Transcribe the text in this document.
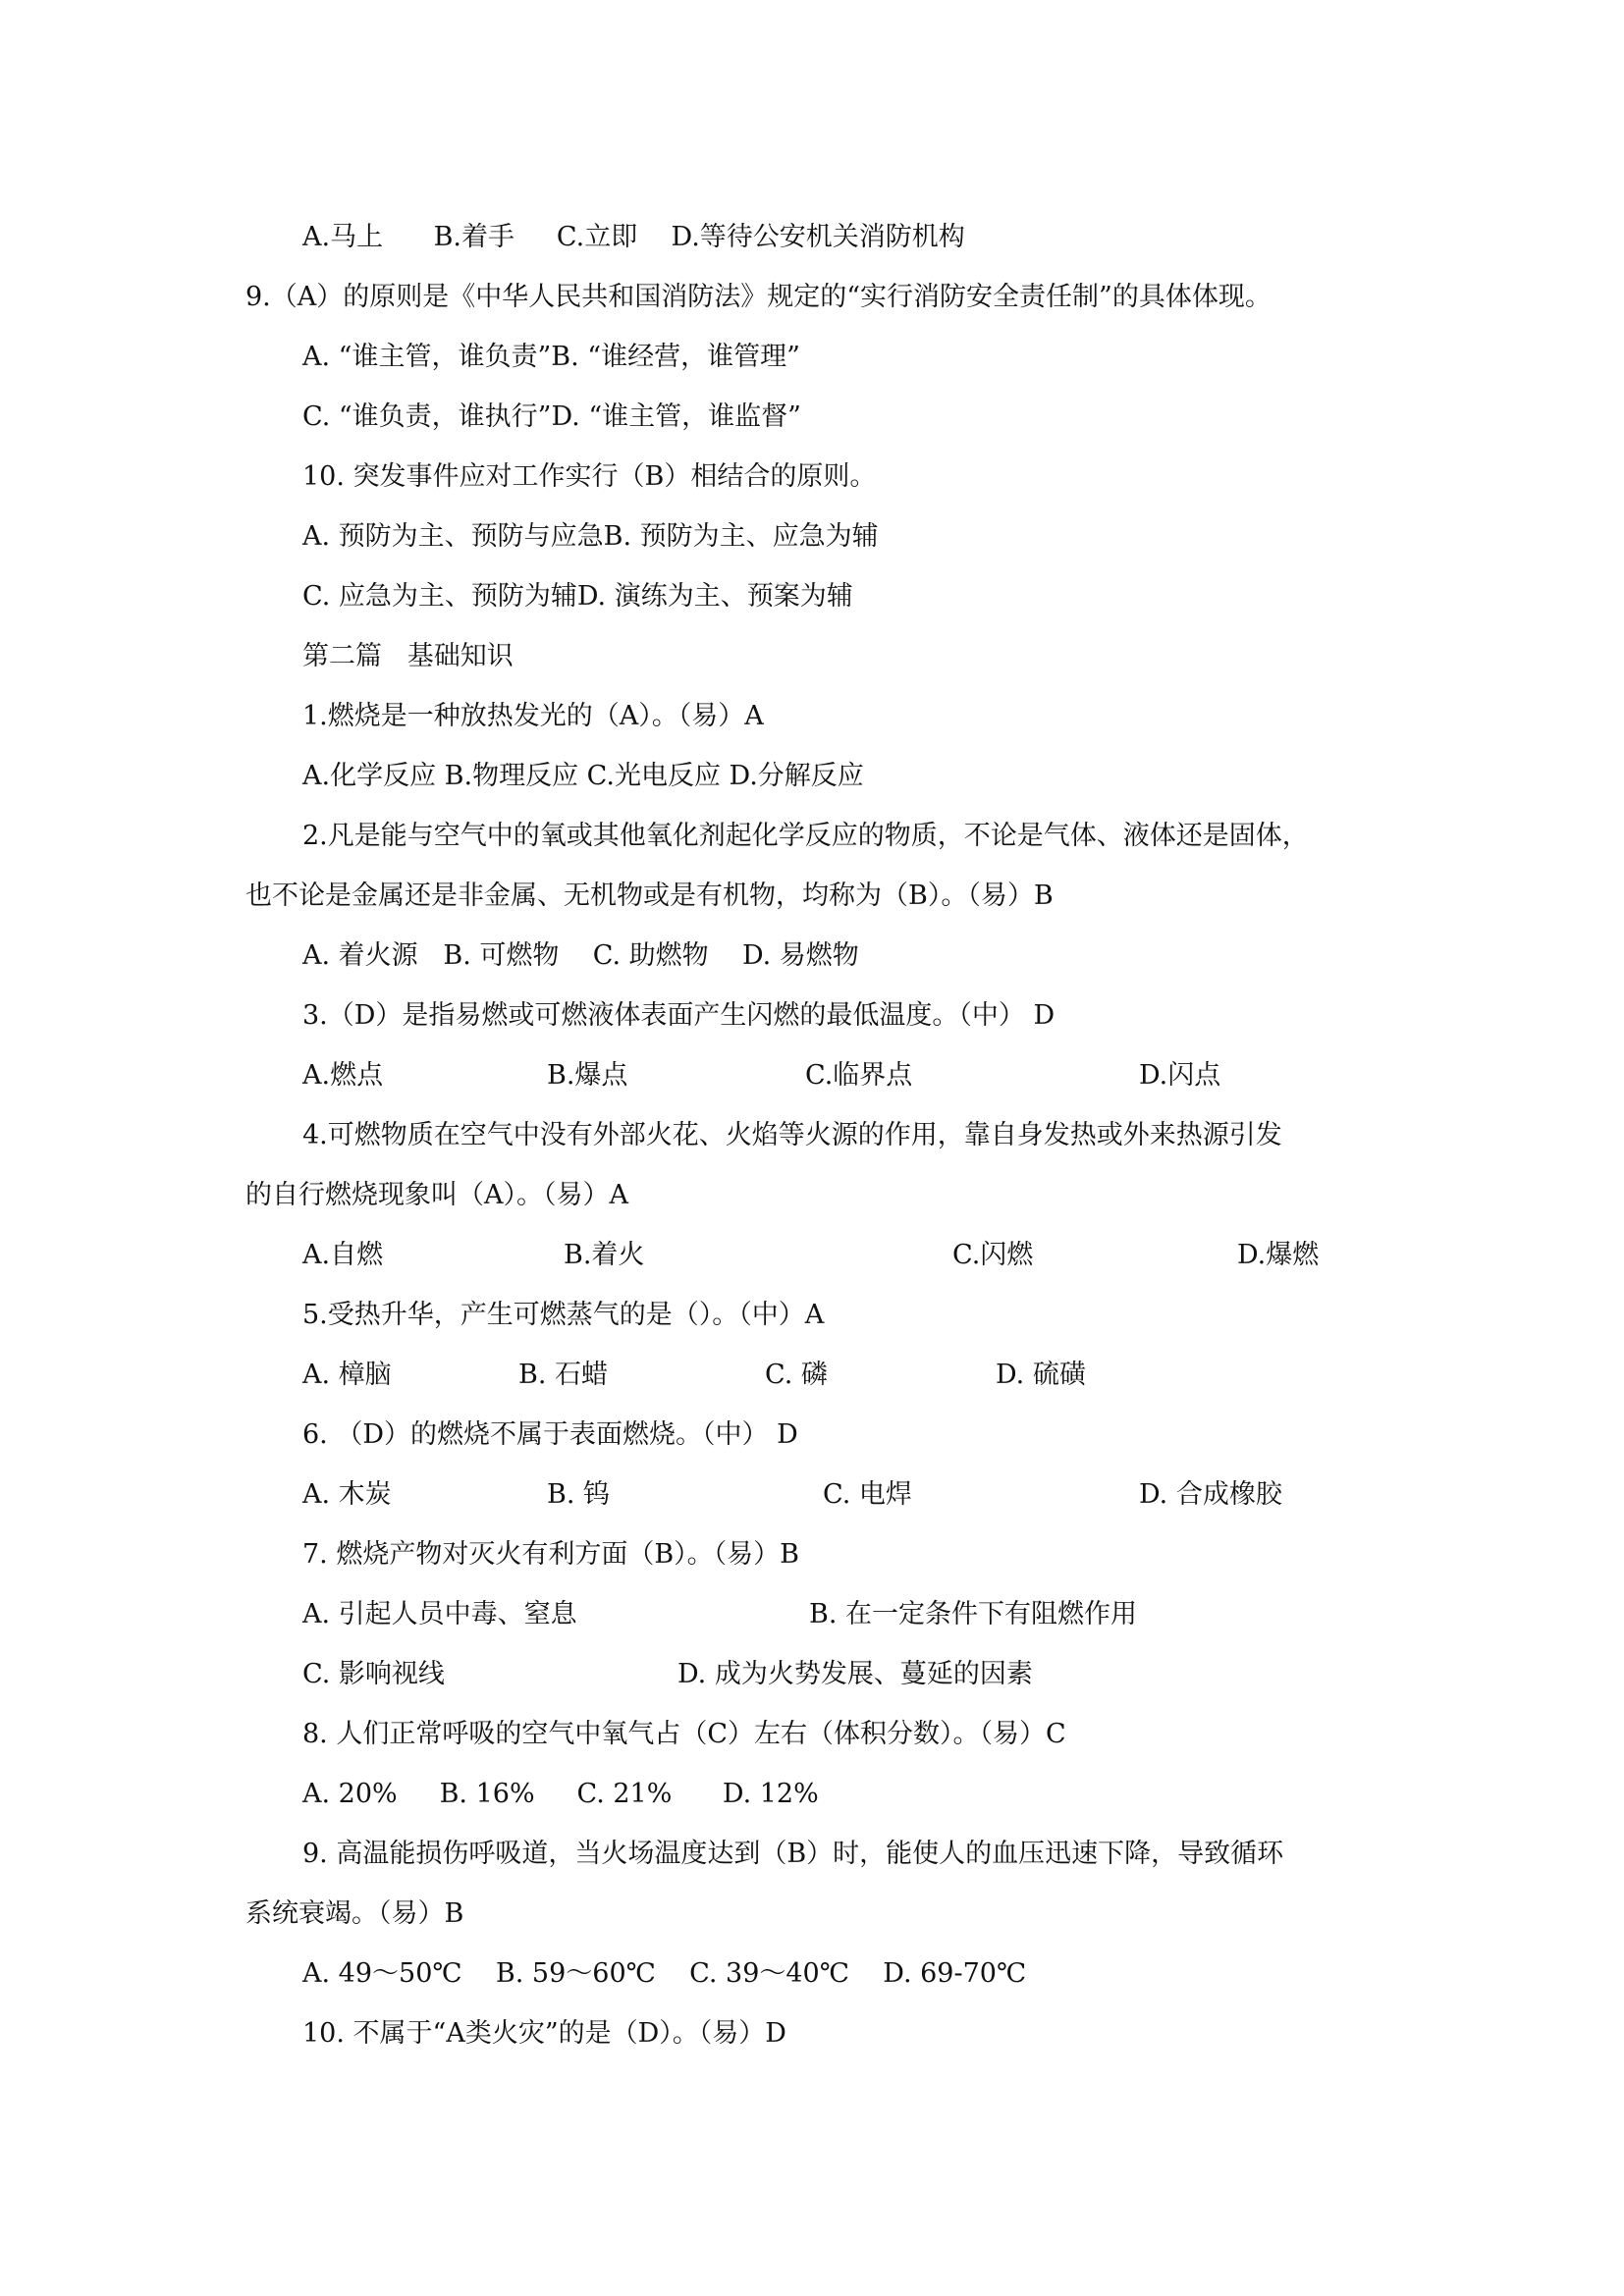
A.马上      B.着手     C.立即    D.等待公安机关消防机构
9.（A）的原则是《中华人民共和国消防法》规定的“实行消防安全责任制”的具体体现。
A. “谁主管，谁负责”B. “谁经营，谁管理”
C. “谁负责，谁执行”D. “谁主管，谁监督”
10. 突发事件应对工作实行（B）相结合的原则。
A. 预防为主、预防与应急B. 预防为主、应急为辅
C. 应急为主、预防为辅D. 演练为主、预案为辅
第二篇   基础知识
1.燃烧是一种放热发光的（A）。（易）A
A.化学反应 B.物理反应 C.光电反应 D.分解反应
2.凡是能与空气中的氧或其他氧化剂起化学反应的物质，不论是气体、液体还是固体，
也不论是金属还是非金属、无机物或是有机物，均称为（B）。（易）B
A. 着火源   B. 可燃物    C. 助燃物    D. 易燃物
3.（D）是指易燃或可燃液体表面产生闪燃的最低温度。（中） D

A.燃点

	B.爆点

	C.临界点

	D.闪点

4.可燃物质在空气中没有外部火花、火焰等火源的作用，靠自身发热或外来热源引发
的自行燃烧现象叫（A）。（易）A

A.自燃

	B.着火

	C.闪燃

	D.爆燃

5.受热升华，产生可燃蒸气的是（）。（中）A

A. 樟脑

	B. 石蜡

	C. 磷

	D. 硫磺

6. （D）的燃烧不属于表面燃烧。（中） D

A. 木炭

	B. 钨

	C. 电焊

	D. 合成橡胶

7. 燃烧产物对灭火有利方面（B）。（易）B

A. 引起人员中毒、窒息

	B. 在一定条件下有阻燃作用

C. 影响视线

	D. 成为火势发展、蔓延的因素

8. 人们正常呼吸的空气中氧气占（C）左右（体积分数）。（易）C
A. 20%     B. 16%     C. 21%      D. 12%
9. 高温能损伤呼吸道，当火场温度达到（B）时，能使人的血压迅速下降，导致循环
系统衰竭。（易）B
A. 49～50℃    B. 59～60℃    C. 39～40℃    D. 69-70℃
10. 不属于“A类火灾”的是（D）。（易）D
